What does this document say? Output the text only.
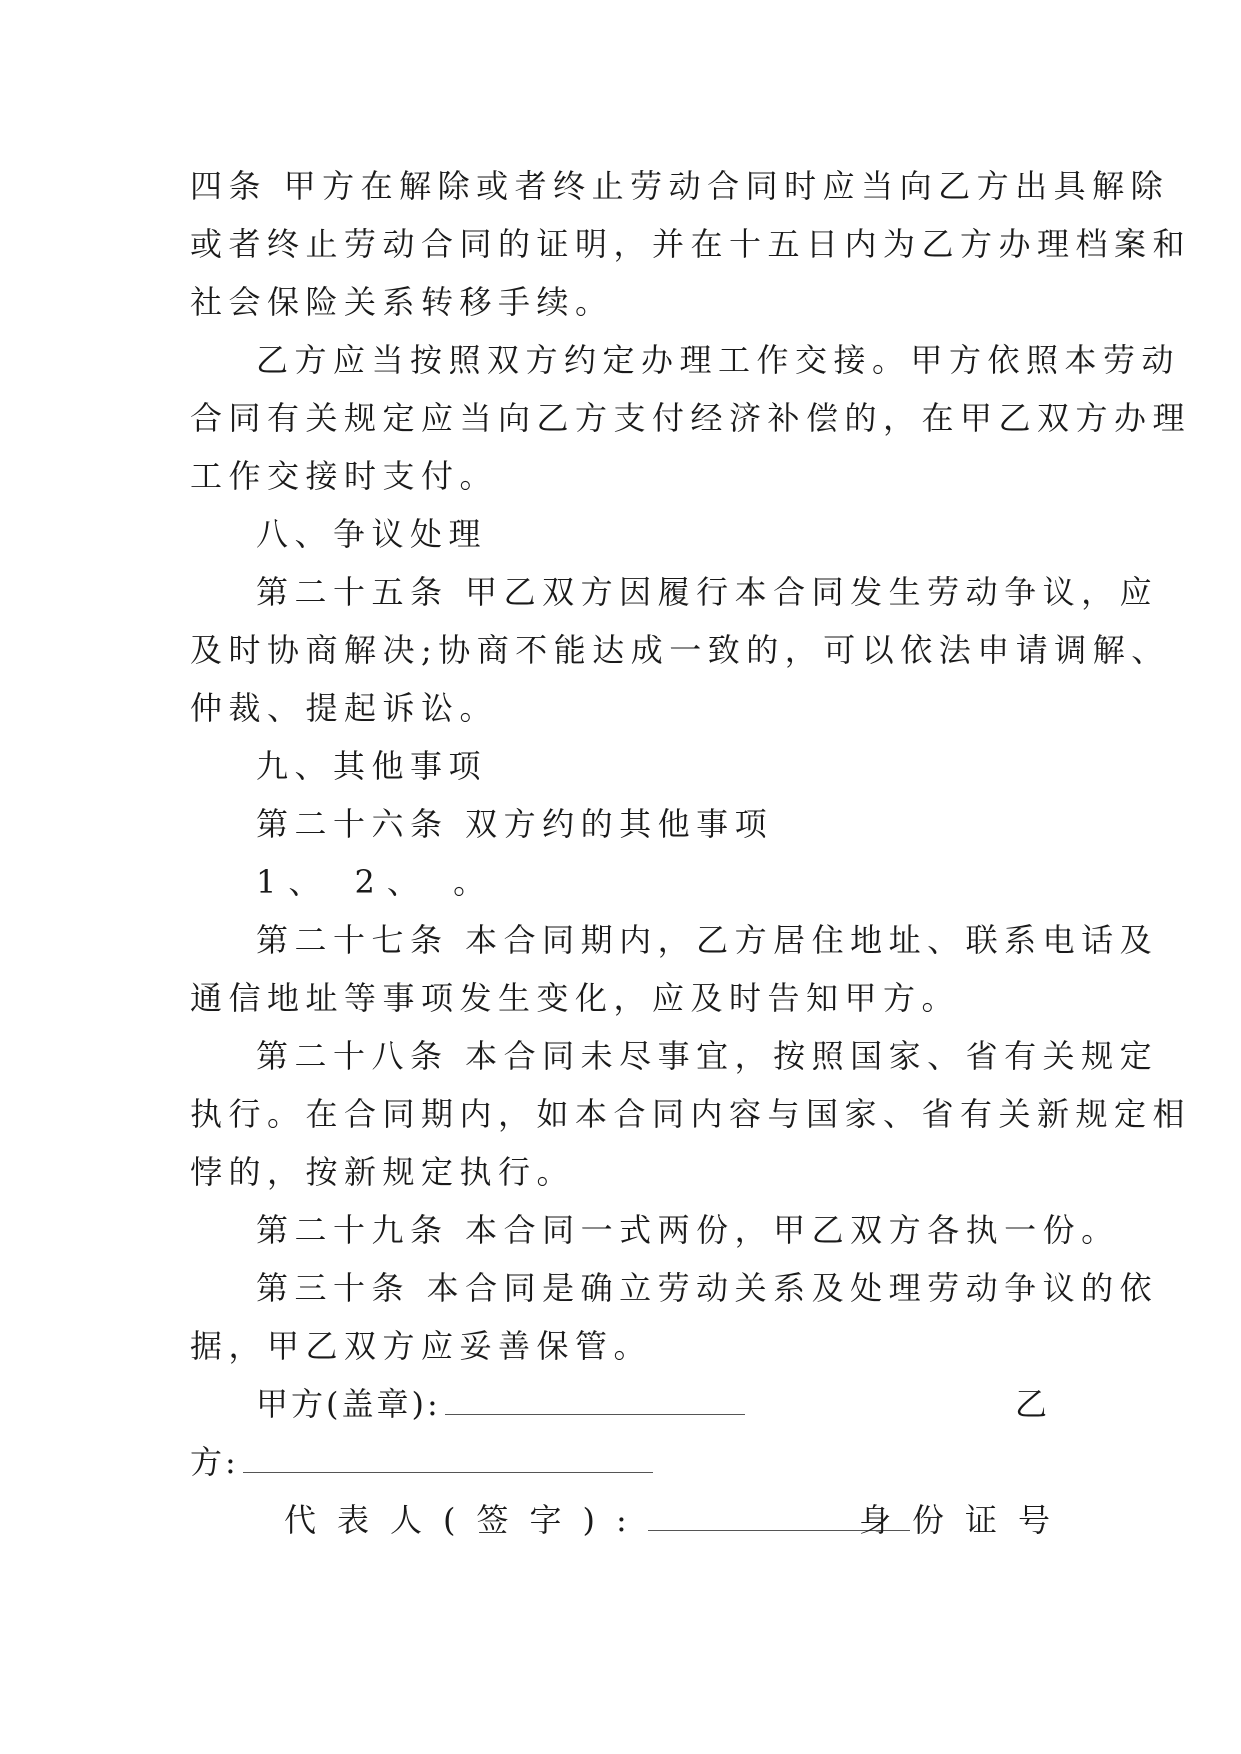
四条 甲方在解除或者终止劳动合同时应当向乙方出具解除
或者终止劳动合同的证明，并在十五日内为乙方办理档案和
社会保险关系转移手续。
乙方应当按照双方约定办理工作交接。甲方依照本劳动
合同有关规定应当向乙方支付经济补偿的，在甲乙双方办理
工作交接时支付。
八、争议处理
第二十五条 甲乙双方因履行本合同发生劳动争议，应
及时协商解决;协商不能达成一致的，可以依法申请调解、
仲裁、提起诉讼。
九、其他事项
第二十六条 双方约的其他事项
1、 2、 。
第二十七条 本合同期内，乙方居住地址、联系电话及
通信地址等事项发生变化，应及时告知甲方。
第二十八条 本合同未尽事宜，按照国家、省有关规定
执行。在合同期内，如本合同内容与国家、省有关新规定相
悖的，按新规定执行。
第二十九条 本合同一式两份，甲乙双方各执一份。
第三十条 本合同是确立劳动关系及处理劳动争议的依
据，甲乙双方应妥善保管。
甲方(盖章):	乙
方:
代表人(签字):	身份证号
